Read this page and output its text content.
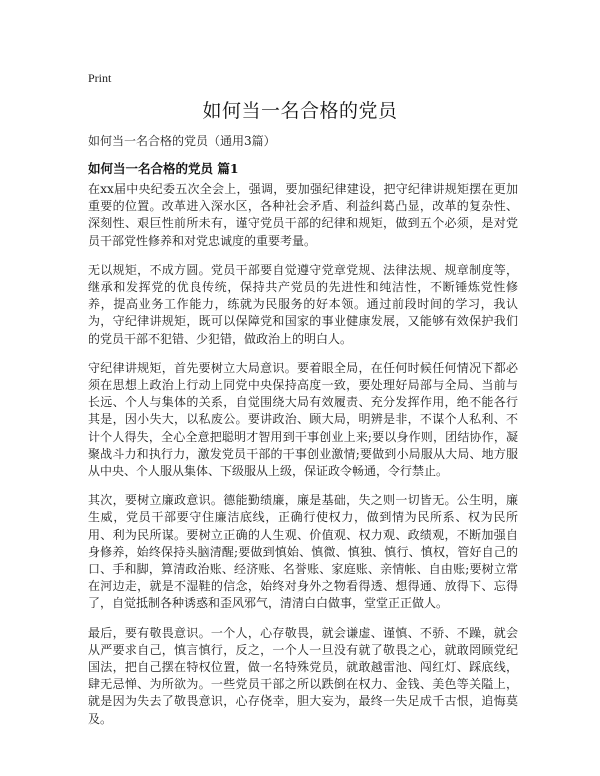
Print
如何当一名合格的党员
如何当一名合格的党员（通用3篇）
如何当一名合格的党员 篇1

在xx届中央纪委五次全会上，强调，要加强纪律建设，把守纪律讲规矩摆在更加重要的位置。改革进入深水区，各种社会矛盾、利益纠葛凸显，改革的复杂性、深刻性、艰巨性前所未有，谨守党员干部的纪律和规矩，做到五个必须，是对党员干部党性修养和对党忠诚度的重要考量。

无以规矩，不成方圆。党员干部要自觉遵守党章党规、法律法规、规章制度等，继承和发挥党的优良传统，保持共产党员的先进性和纯洁性，不断锤炼党性修养，提高业务工作能力，练就为民服务的好本领。通过前段时间的学习，我认为，守纪律讲规矩，既可以保障党和国家的事业健康发展，又能够有效保护我们的党员干部不犯错、少犯错，做政治上的明白人。

守纪律讲规矩，首先要树立大局意识。要着眼全局，在任何时候任何情况下都必须在思想上政治上行动上同党中央保持高度一致，要处理好局部与全局、当前与长远、个人与集体的关系，自觉围绕大局有效履责、充分发挥作用，绝不能各行其是，因小失大，以私废公。要讲政治、顾大局，明辨是非，不谋个人私利、不计个人得失，全心全意把聪明才智用到干事创业上来;要以身作则，团结协作，凝聚战斗力和执行力，激发党员干部的干事创业激情;要做到小局服从大局、地方服从中央、个人服从集体、下级服从上级，保证政令畅通，令行禁止。

其次，要树立廉政意识。德能勤绩廉，廉是基础，失之则一切皆无。公生明，廉生威，党员干部要守住廉洁底线，正确行使权力，做到情为民所系、权为民所用、利为民所谋。要树立正确的人生观、价值观、权力观、政绩观，不断加强自身修养，始终保持头脑清醒;要做到慎始、慎微、慎独、慎行、慎权，管好自己的口、手和脚，算清政治账、经济账、名誉账、家庭账、亲情帐、自由账;要树立常在河边走，就是不湿鞋的信念，始终对身外之物看得透、想得通、放得下、忘得了，自觉抵制各种诱惑和歪风邪气，清清白白做事，堂堂正正做人。

最后，要有敬畏意识。一个人，心存敬畏，就会谦虚、谨慎、不骄、不躁，就会从严要求自己，慎言慎行，反之，一个人一旦没有就了敬畏之心，就敢罔顾党纪国法，把自己摆在特权位置，做一名特殊党员，就敢越雷池、闯红灯、踩底线，肆无忌惮、为所欲为。一些党员干部之所以跌倒在权力、金钱、美色等关隘上，就是因为失去了敬畏意识，心存侥幸，胆大妄为，最终一失足成千古恨，追悔莫及。
